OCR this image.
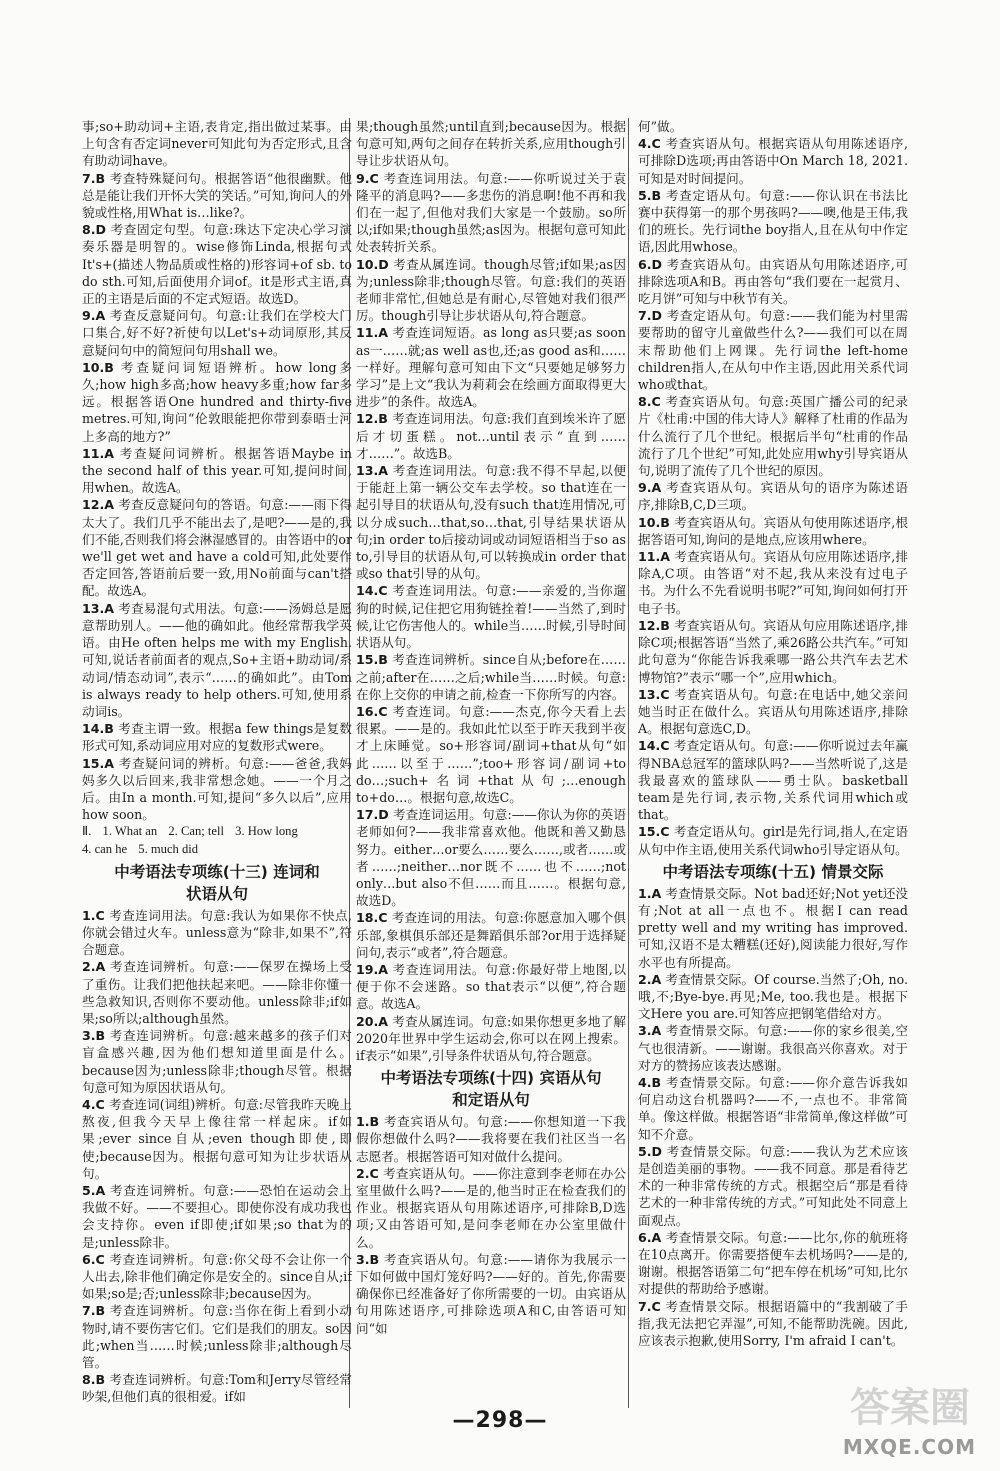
事;so+助动词+主语,表肯定,指出做过某事。由上句含有否定词never可知此句为否定形式,且含有助动词have。

7.B 考查特殊疑问句。根据答语“他很幽默。他总是能让我们开怀大笑的笑话。”可知,询问人的外貌或性格,用What is…like?。

8.D 考查固定句型。句意:珠达下定决心学习演奏乐器是明智的。wise修饰Linda,根据句式It's+(描述人物品质或性格的)形容词+of sb. to do sth.可知,后面使用介词of。it是形式主语,真正的主语是后面的不定式短语。故选D。

9.A 考查反意疑问句。句意:让我们在学校大门口集合,好不好?祈使句以Let's+动词原形,其反意疑问句中的简短问句用shall we。

10.B 考查疑问词短语辨析。how long多久;how high多高;how heavy多重;how far多远。根据答语One hundred and thirty-five metres.可知,询问“伦敦眼能把你带到泰晤士河上多高的地方?”

11.A 考查疑问词辨析。根据答语Maybe in the second half of this year.可知,提问时间,用when。故选A。

12.A 考查反意疑问句的答语。句意:——雨下得太大了。我们几乎不能出去了,是吧?——是的,我们不能,否则我们将会淋湿感冒的。由答语中的or we'll get wet and have a cold可知,此处要作否定回答,答语前后要一致,用No前面与can't搭配。故选A。

13.A 考查易混句式用法。句意:——汤姆总是愿意帮助别人。——他的确如此。他经常帮我学英语。由He often helps me with my English.可知,说话者前面者的观点,So+主语+助动词/系动词/情态动词”,表示“……的确如此”。由Tom is always ready to help others.可知,使用系动词is。

14.B 考查主谓一致。根据a few things是复数形式可知,系动词应用对应的复数形式were。

15.A 考查疑问词的辨析。句意:——爸爸,我妈妈多久以后回来,我非常想念她。——一个月之后。由In a month.可知,提问“多久以后”,应用how soon。

Ⅱ. 1. What an 2. Can; tell 3. How long 4. can he 5. much did

中考语法专项练(十三) 连词和
状语从句

1.C 考查连词用法。句意:我认为如果你不快点,你就会错过火车。unless意为“除非,如果不”,符合题意。

2.A 考查连词辨析。句意:——保罗在操场上受了重伤。让我们把他扶起来吧。——除非你懂一些急救知识,否则你不要动他。unless除非;if如果;so所以;although虽然。

3.B 考查连词辨析。句意:越来越多的孩子们对盲盒感兴趣,因为他们想知道里面是什么。because因为;unless除非;though尽管。根据句意可知为原因状语从句。

4.C 考查连词(词组)辨析。句意:尽管我昨天晚上熬夜,但我今天早上像往常一样起床。if如果;ever since自从;even though即使,即使;because因为。根据句意可知为让步状语从句。

5.A 考查连词辨析。句意:——恐怕在运动会上我做不好。——不要担心。即使你没有成功我也会支持你。even if即使;if如果;so that为的是;unless除非。

6.C 考查连词辨析。句意:你父母不会让你一个人出去,除非他们确定你是安全的。since自从;if如果;so是;否;unless除非;because因为。

7.B 考查连词辨析。句意:当你在街上看到小动物时,请不要伤害它们。它们是我们的朋友。so因此;when当……时候;unless除非;although尽管。

8.B 考查连词辨析。句意:Tom和Jerry尽管经常吵架,但他们真的很相爱。if如

果;though虽然;until直到;because因为。根据句意可知,两句之间存在转折关系,应用though引导让步状语从句。

9.C 考查连词用法。句意:——你听说过关于袁隆平的消息吗?——多悲伤的消息啊!他不再和我们在一起了,但他对我们大家是一个鼓励。so所以;if如果;though虽然;as因为。根据句意可知此处表转折关系。

10.D 考查从属连词。though尽管;if如果;as因为;unless除非;though尽管。句意:我们的英语老师非常忙,但她总是有耐心,尽管她对我们很严厉。though引导让步状语从句,符合题意。

11.A 考查连词短语。as long as只要;as soon as一……就;as well as也,还;as good as和……一样好。理解句意可知由下文“只要她足够努力学习”是上文“我认为莉莉会在绘画方面取得更大进步”的条件。故选A。

12.B 考查连词用法。句意:我们直到埃米许了愿后才切蛋糕。not…until表示“直到……才……”。故选B。

13.A 考查连词用法。句意:我不得不早起,以便于能赶上第一辆公交车去学校。so that连在一起引导目的状语从句,没有such that连用情况,可以分成such…that,so…that,引导结果状语从句;in order to后接动词或动词短语相当于so as to,引导目的状语从句,可以转换成in order that或so that引导的从句。

14.C 考查连词用法。句意:——亲爱的,当你遛狗的时候,记住把它用狗链拴着!——当然了,到时候,让它伤害他人的。while当……时候,引导时间状语从句。

15.B 考查连词辨析。since自从;before在……之前;after在……之后;while当……时候。句意:在你上交你的申请之前,检查一下你所写的内容。

16.C 考查连词。句意:——杰克,你今天看上去很累。——是的。我如此忙以至于昨天我到半夜才上床睡觉。so+形容词/副词+that从句“如此……以至于……”;too+形容词/副词+to do…;such+名词+that从句;…enough to+do…。根据句意,故选C。

17.D 考查连词运用。句意:——你认为你的英语老师如何?——我非常喜欢他。他既和善又勤恳努力。either…or要么……要么……,或者……或者……;neither…nor既不……也不……;not only…but also不但……而且……。根据句意,故选D。

18.C 考查连词的用法。句意:你愿意加入哪个俱乐部,象棋俱乐部还是舞蹈俱乐部?or用于选择疑问句,表示“或者”,符合题意。

19.A 考查连词用法。句意:你最好带上地图,以便于你不会迷路。so that表示“以便”,符合题意。故选A。

20.A 考查从属连词。句意:如果你想更多地了解2020年世界中学生运动会,你可以在网上搜索。if表示“如果”,引导条件状语从句,符合题意。

中考语法专项练(十四) 宾语从句
和定语从句

1.B 考查宾语从句。句意:——你想知道一下我假你想做什么吗?——我将要在我们社区当一名志愿者。根据答语可知对做什么提问。

2.C 考查宾语从句。——你注意到李老师在办公室里做什么吗?——是的,他当时正在检查我们的作业。根据宾语从句用陈述语序,可排除B,D选项;又由答语可知,是问李老师在办公室里做什么。

3.B 考查宾语从句。句意:——请你为我展示一下如何做中国灯笼好吗?——好的。首先,你需要确保你已经准备好了你所需要的一切。由宾语从句用陈述语序,可排除选项A和C,由答语可知问“如

何”做。

4.C 考查宾语从句。根据宾语从句用陈述语序,可排除D选项;再由答语中On March 18, 2021.可知是对时间提问。

5.B 考查定语从句。句意:——你认识在书法比赛中获得第一的那个男孩吗?——噢,他是王伟,我们的班长。先行词the boy指人,且在从句中作定语,因此用whose。

6.D 考查宾语从句。由宾语从句用陈述语序,可排除选项A和B。再由答句“我们要在一起赏月、吃月饼”可知与中秋节有关。

7.D 考查定语从句。句意:——我们能为村里需要帮助的留守儿童做些什么?——我们可以在周末帮助他们上网课。先行词the left-home children指人,在从句中作主语,因此用关系代词who或that。

8.C 考查宾语从句。句意:英国广播公司的纪录片《杜甫:中国的伟大诗人》解释了杜甫的作品为什么流行了几个世纪。根据后半句“杜甫的作品流行了几个世纪”可知,此处应用why引导宾语从句,说明了流传了几个世纪的原因。

9.A 考查宾语从句。宾语从句的语序为陈述语序,排除B,C,D三项。

10.B 考查宾语从句。宾语从句使用陈述语序,根据答语可知,询问的是地点,应该用where。

11.A 考查宾语从句。宾语从句应用陈述语序,排除A,C项。由答语“对不起,我从来没有过电子书。为什么不先看说明书呢?”可知,询问如何打开电子书。

12.B 考查宾语从句。宾语从句应用陈述语序,排除C项;根据答语“当然了,乘26路公共汽车。”可知此句意为“你能告诉我乘哪一路公共汽车去艺术博物馆?”表示“哪一个”,应用which。

13.C 考查宾语从句。句意:在电话中,她父亲问她当时正在做什么。宾语从句用陈述语序,排除A。根据句意选C,D。

14.C 考查定语从句。句意:——你听说过去年赢得NBA总冠军的篮球队吗?——当然听说了,这是我最喜欢的篮球队——勇士队。basketball team是先行词,表示物,关系代词用which或that。

15.C 考查定语从句。girl是先行词,指人,在定语从句中作主语,使用关系代词who引导定语从句。

中考语法专项练(十五) 情景交际

1.A 考查情景交际。Not bad还好;Not yet还没有;Not at all一点也不。根据I can read pretty well and my writing has improved.可知,汉语不是太糟糕(还好),阅读能力很好,写作水平也有所提高。

2.A 考查情景交际。Of course.当然了;Oh, no.哦,不;Bye-bye.再见;Me, too.我也是。根据下文Here you are.可知答应把钢笔借给对方。

3.A 考查情景交际。句意:——你的家乡很美,空气也很清新。——谢谢。我很高兴你喜欢。对于对方的赞扬应该表达感谢。

4.B 考查情景交际。句意:——你介意告诉我如何启动这台机器吗?——不,一点也不。非常简单。像这样做。根据答语“非常简单,像这样做”可知不介意。

5.D 考查情景交际。句意:——我认为艺术应该是创造美丽的事物。——我不同意。那是看待艺术的一种非常传统的方式。根据空后“那是看待艺术的一种非常传统的方式。”可知此处不同意上面观点。

6.A 考查情景交际。句意:——比尔,你的航班将在10点离开。你需要搭便车去机场吗?——是的,谢谢。根据答语第二句“把车停在机场”可知,比尔对提供的帮助给予感谢。

7.C 考查情景交际。根据语篇中的“我割破了手指,我无法把它弄湿”,可知,不能帮助洗碗。因此,应该表示抱歉,使用Sorry, I'm afraid I can't。

—298—	答案圈
MXQE.COM
